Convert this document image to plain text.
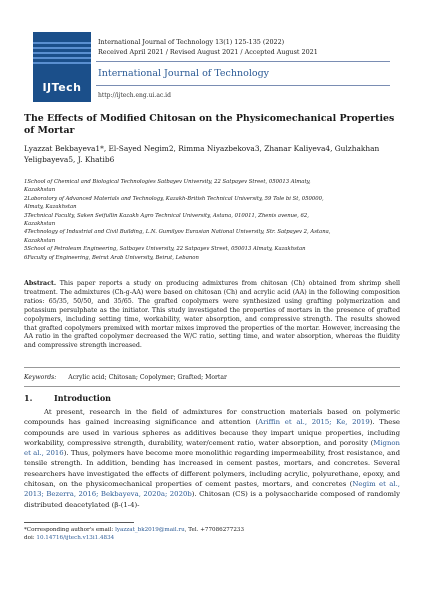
IJTech
International Journal of Technology 13(1) 125-135 (2022)
Received April 2021 / Revised August 2021 / Accepted August 2021
International Journal of Technology
http://ijtech.eng.ui.ac.id
The Effects of Modified Chitosan on the Physicomechanical Properties of Mortar
Lyazzat Bekbayeva1*, El-Sayed Negim2, Rimma Niyazbekova3, Zhanar Kaliyeva4, Gulzhakhan Yeligbayeva5, J. Khatib6
1School of Chemical and Biological Technologies Satbayev University, 22 Satpayev Street, 050013 Almaty,
Kazakhstan
2Laboratory of Advanced Materials and Technology, Kazakh-British Technical University, 59 Tole bi St, 050000,
Almaty, Kazakhstan
3Technical Faculty, Saken Seifullin Kazakh Agro Technical University, Astana, 010011, Zhenis avenue, 62,
Kazakhstan
4Technology of Industrial and Civil Building, L.N. Gumilyov Eurasian National University, Str. Satpayev 2, Astana,
Kazakhstan
5School of Petroleum Engineering, Satbayev University, 22 Satpayev Street, 050013 Almaty, Kazakhstan
6Faculty of Engineering, Beirut Arab University, Beirut, Lebanon
Abstract. This paper reports a study on producing admixtures from chitosan (Ch) obtained from shrimp shell treatment. The admixtures (Ch-g-AA) were based on chitosan (Ch) and acrylic acid (AA) in the following composition ratios: 65/35, 50/50, and 35/65. The grafted copolymers were synthesized using grafting polymerization and potassium persulphate as the initiator. This study investigated the properties of mortars in the presence of grafted copolymers, including setting time, workability, water absorption, and compressive strength. The results showed that grafted copolymers premixed with mortar mixes improved the properties of the mortar. However, increasing the AA ratio in the grafted copolymer decreased the W/C ratio, setting time, and water absorption, whereas the fluidity and compressive strength increased.
Keywords: Acrylic acid; Chitosan; Copolymer; Grafted; Mortar
1.	Introduction

At present, research in the field of admixtures for construction materials based on polymeric compounds has gained increasing significance and attention (Ariffin et al., 2015; Ke, 2019). These compounds are used in various spheres as additives because they impart unique properties, including workability, compressive strength, durability, water/cement ratio, water absorption, and porosity (Mignon et al., 2016). Thus, polymers have become more monolithic regarding impermeability, frost resistance, and tensile strength. In addition, bending has increased in cement pastes, mortars, and concretes. Several researchers have investigated the effects of different polymers, including acrylic, polyurethane, epoxy, and chitosan, on the physicomechanical properties of cement pastes, mortars, and concretes (Negim et al., 2013; Bezerra, 2016; Bekbayeva, 2020a; 2020b). Chitosan (CS) is a polysaccharide composed of randomly distributed deacetylated (β-(1-4)-

*Corresponding author's email: lyazzat_bk2019@mail.ru, Tel. +77086277233
doi: 10.14716/ijtech.v13i1.4834
